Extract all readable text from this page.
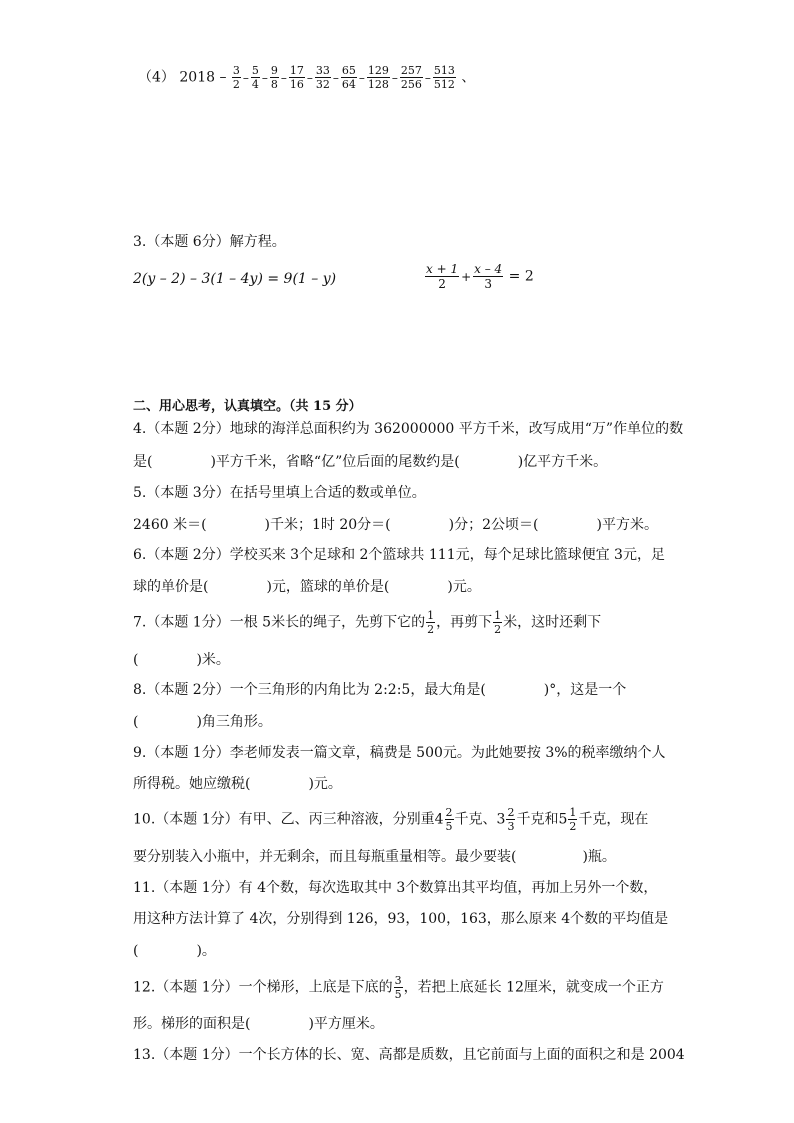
（4） $2018 - \frac{3}{2} - \frac{5}{4} - \frac{9}{8} - \frac{17}{16} - \frac{33}{32} - \frac{65}{64} - \frac{129}{128} - \frac{257}{256} - \frac{513}{512}$ 、
3.（本题 6分）解方程。
2(y – 2) – 3(1 – 4y) = 9(1 – y)	$\frac{x + 1}{2} + \frac{x - 4}{3} = 2$
二、用心思考，认真填空。（共 15 分）
4.（本题 2分）地球的海洋总面积约为 362000000 平方千米，改写成用“万”作单位的数
是(	)平方千米，省略“亿”位后面的尾数约是(	)亿平方千米。
5.（本题 3分）在括号里填上合适的数或单位。
2460 米＝(	)千米；1时 20分＝(	)分；2公顷＝(	)平方米。
6.（本题 2分）学校买来 3个足球和 2个篮球共 111元，每个足球比篮球便宜 3元，足
球的单价是(	)元，篮球的单价是(	)元。
7.（本题 1分）一根 5米长的绳子，先剪下它的 $\frac{1}{2}$ ，再剪下 $\frac{1}{2}$ 米，这时还剩下
(	)米。
8.（本题 2分）一个三角形的内角比为 2:2:5，最大角是(	)°，这是一个
(	)角三角形。
9.（本题 1分）李老师发表一篇文章，稿费是 500元。为此她要按 3%的税率缴纳个人
所得税。她应缴税(	)元。
10.（本题 1分）有甲、乙、丙三种溶液，分别重$4 \frac{2}{5}$ 千克、$3 \frac{2}{3}$ 千克和$5 \frac{1}{2}$ 千克，现在
要分别装入小瓶中，并无剩余，而且每瓶重量相等。最少要装(	)瓶。
11.（本题 1分）有 4个数，每次选取其中 3个数算出其平均值，再加上另外一个数，
用这种方法计算了 4次，分别得到 126，93，100，163，那么原来 4个数的平均值是
(	)。
12.（本题 1分）一个梯形，上底是下底的 $\frac{3}{5}$ ，若把上底延长 12厘米，就变成一个正方
形。梯形的面积是(	)平方厘米。
13.（本题 1分）一个长方体的长、宽、高都是质数，且它前面与上面的面积之和是 2004
